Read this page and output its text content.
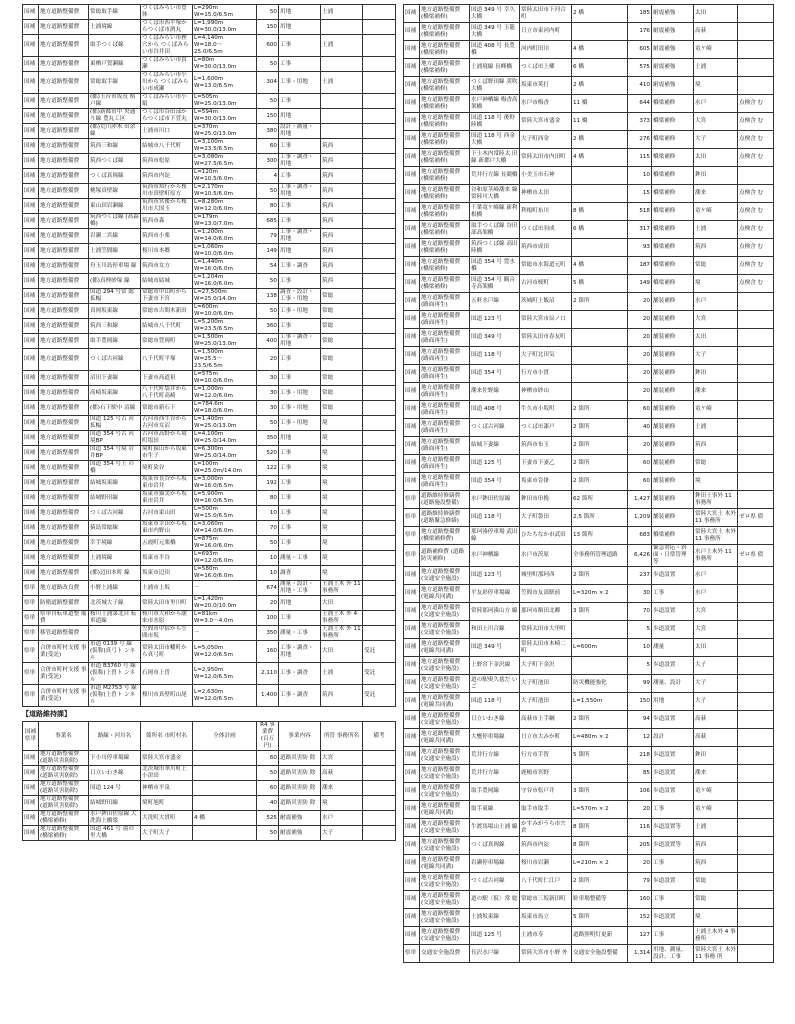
国補	地方道路整備費	常総取手線	つくばみらい市豊体	L=290m
W=15.0/6.5m	50	用地	土浦	
国補	地方道路整備費	土浦境線	つくば市西平塚か らつくば市酒丸	L=1,990m
W=30.0/13.0m	150	用地		
国補	地方道路整備費	取手つくば線	つくばみらい市狸 穴から つくばみら い市谷井田	L=4,140m
W=18.0～
25.0/6.5m	600	工事	土浦	
国補	地方道路整備費	東栖戸賀瀬線	つくばみらい市貴 瀬	L=80m
W=30.0/13.0m	50	工事		
国補	地方道路整備費	常総取手線	つくばみらい市小 川から つくばみら い市成瀬	L=1,600m
W=13.0/6.5m	304	工事・用地	土浦	
国補	地方道路整備費	(都)玉台市坂長 格戸線	つくばみらい市小 絹	L=505m
W=25.0/13.0m	50	工事		
国補	地方道路整備費	(都)新都市中 央通り線 豊丸工区	つくば市谷田部か らつくば市下菅丸	L=594m
W=30.0/13.0m	150	用地		
国補	地方道路整備費	(都)荒川沖木 田余線	土浦市川口	L=370m
W=25.0/13.0m	380	設計・測量・ 用地		
国補	地方道路整備費	筑西三和線	結城市八千代町	L=3,100m
W=23.5/6.5m	60	工事	筑西	
国補	地方道路整備費	筑西つくば線	筑西市松原	L=3,080m
W=27.5/6.5m	300	工事・調査・ 用地	筑西	
国補	地方道路整備費	つくば真岡線	筑西市内淀	L=120m
W=10.5/6.0m	4	工事	筑西	
国補	地方道路整備費	桃塚真壁線	筑西市知行から桜 川市真壁町原方	L=2,170m
W=10.5/6.0m	50	工事・調査・ 用地	筑西	
国補	地方道路整備費	東山田岩瀬線	筑西市宮後から桜 川市大国玉	L=8,280m
W=12.0/6.0m	80	工事	筑西	
国補	地方道路整備費	筑西つくば線 (高森橋)	筑西市森	L=179m
W=13.0/7.0m	685	工事	筑西	
国補	地方道路整備費	岩瀬二宮線	筑西市小栗	L=1,200m
W=14.0/6.0m	79	工事・調査・ 用地	筑西	
国補	地方道路整備費	土浦笠間線	桜川市本郷	L=1,060m
W=10.0/6.0m	149	用地	筑西	
国補	地方道路整備費	舟玉川島停車場 線	筑西市女方	L=1,440m
W=16.0/6.0m	54	工事・調査	筑西	
国補	地方道路整備費	(都)真理砂塚 線	結城市結城	L=1,204m
W=16.0/6.0m	50	工事	筑西	
国補	地方道路整備費	国道 294 号常 総拡幅	常総市中山町から 下妻市下宮	L=27,500m
W=25.0/14.0m	138	調査・設計・ 工事・用地	常総	
国補	地方道路整備費	真岡坂東線	常総市古間木新田	L=600m
W=10.0/6.0m	50	工事・用地	常総	
国補	地方道路整備費	筑西三和線	結城市八千代町	L=5,200m
W=23.5/6.5m	360	工事	常総	
国補	地方道路整備費	取手豊岡線	常総市豊岡町	L=1,500m
W=25.0/13.0m	400	工事・調査・ 用地	常総	
国補	地方道路整備費	つくば古河線	八千代町平塚	L=1,500m
W=25.5～
23.5/6.5m	20	工事	常総	
国補	地方道路整備費	沼田下妻線	下妻市高道祖	L=575m
W=10.0/6.0m	30	工事	常総	
国補	地方道路整備費	高崎坂東線	八千代町袋井から 八千代町高崎	L=1,000m
W=12.0/6.0m	30	工事・用地	常総	
国補	地方道路整備費	(都)石下駅中 沼線	常総市新石下	L=784.6m
W=18.0/6.0m	30	工事・用地	常総	
国補	地方道路整備費	国道 125 号古 河拡幅	古河市西牛谷から 古河市女沼	L=1,400m
W=25.0/13.0m	50	工事・用地	境	
国補	地方道路整備費	国道 354 号古 河境BP	古河市高野から境 町塩田	L=4,100m
W=25.0/14.0m	350	用地	境	
国補	地方道路整備費	国道 354 号境 岩井BP	境町猿山から坂東 市生子	L=6,300m
W=25.0/14.0m	520	工事	境	
国補	地方道路整備費	国道 354 号上 の橋	境町染谷	L=100m
W=25.0m/14.0m	122	工事	境	
国補	地方道路整備費	結城坂東線	坂東市長谷から坂 東市岩井	L=3,000m
W=16.0/6.5m	192	工事	境	
国補	地方道路整備費	結城野田線	坂東市猫実から坂 東市岩井	L=5,900m
W=16.0/6.5m	80	工事	境	
国補	地方道路整備費	つくば古河線	古河市東山田	L=500m
W=15.0/6.5m	10	工事	境	
国補	地方道路整備費	猿島常総線	坂東市幸田から坂 東市内野山	L=3,060m
W=14.0/6.0m	70	工事	境	
国補	地方道路整備費	幸手境線	五霞町元栗橋	L=875m
W=16.0/6.0m	50	工事	境	
国補	地方道路整備費	土浦境線	坂東市半谷	L=693m
W=12.0/6.0m	10	測量・工事	境	
国補	地方道路整備費	(都)辺田本町 線	坂東市辺田	L=580m
W=16.0/6.0m	10	調査	境	
県単	地方道路改良費	小野上浦線	土浦市上坂	－	674	測量・設計・ 用地・工事	土浦土木 外 11 事務所	
県単	防衛道路整備費	北茨城大子線	常陸太田市里川町	L=1,420m
W=20.0/10.0m	20	用地	大田	
県単	県単自転車道整 備費	桜川土浦第北自 転車道線	桜川市大和から潮 来市水原	L=81km
W=3.0～4.0m	100	工事	土浦土木 外 4 事務所	
県単	移管道路整備費		笠間市中宿から笠 間市坂	－	350	測量・工事	土浦土木 外 11 事務所	
県単	合併市町村支援 事業(受託)	市道 0139 号 線 (仮称)真弓ト ンネル	常陸太田市幡町か ら真弓町	L=5,050m
W=12.0/6.5m	160	工事・調査・ 用地	大田	受託
県単	合併市町村支援 事業(受託)	市道 B3760 号 線 (仮称)上曽ト ンネル	石岡市上曽	L=2,950m
W=12.0/6.5m	2,110	工事・調査	土浦	受託
県単	合併市町村支援 事業(受託)	市道 M2753 号 線 (仮称)上曽ト ンネル	桜川市真壁町山尾	L=2,630m
W=12.0/6.5m	1,400	工事・調査	筑西	受託
【道路維持課】
国補 県単	事業名	路線・河川名	箇所名 市町村名	全体計画	R4 事業費 (百万円)	事業内容	所管 事務所名	備考
国補	地方道路整備費 (道路災害防除)	下小川停車場線	常陸大宮市盛金		60	道路災害防 除	大宮	
国補	地方道路整備費 (道路災害防除)	日立いわき線	北茨城市華川町上 小津田		50	道路災害防 除	高萩	
国補	地方道路整備費 (道路災害防除)	国道 124 号	神栖市平泉		60	道路災害防 除	潮来	
国補	地方道路整備費 (道路災害防除)	結城野田線	境町旭町		40	道路災害防 除	境	
国補	地方道路整備費 (橋梁補修)	水戸鉾田佐原線 大洗海上橋梁	大洗町大貫町	4 橋	525	耐震補強	水戸	
国補	地方道路整備費 (橋梁補修)	国道 461 号 湯の里大橋	大子町大子		50	耐震補強	大子	
国補	地方道路整備費 (橋梁補修)	国道 349 号 幸久大橋	常陸太田市下河合 町	2 橋	185	耐震補強	太田	
国補	地方道路整備費 (橋梁補修)	国道 349 号 玉籠大橋	日立市東河内町		176	耐震補強	高萩	
国補	地方道路整備費 (橋梁補修)	国道 408 号 長豊橋	河内町田川	4 橋	605	耐震補強	竜ケ崎	
国補	地方道路整備費 (橋梁補修)	土浦境線 長峰橋	つくば市上郷	6 橋	575	耐震補強	土浦	
国補	地方道路整備費 (橋梁補修)	つくば野田線 莢吹大橋	坂東市莢打	2 橋	410	耐震補強	境	
国補	地方道路整備費 (橋梁補修)	水戸神栖線 梅香高架橋	水戸市梅香	11 橋	644	橋梁補修	水戸	点検含 む
国補	地方道路整備費 (橋梁補修)	国道 118 号 後野陸橋	常陸大宮市盛金	11 橋	373	橋梁補修	大宮	点検含 む
国補	地方道路整備費 (橋梁補修)	国道 118 号 西金大橋	大子町西金	2 橋	276	橋梁補修	大子	点検含 む
国補	地方道路整備費 (橋梁補修)	下土木内常陸太 田線 新郡戸大橋	常陸太田市内田町	4 橋	115	橋梁補修	太田	点検含 む
国補	地方道路整備費 (橋梁補修)	荒井行方線 長競橋	小美玉市石神		10	橋梁補修	鉾田	
国補	地方道路整備費 (橋梁補修)	谷和原茎崎潮来 線 常陸川大橋	神栖市太田		15	橋梁補修	潮来	点検含 む
国補	地方道路整備費 (橋梁補修)	千葉竜ケ崎線 新利根橋	利根町布川	8 橋	518	橋梁補修	竜ケ崎	点検含 む
国補	地方道路整備費 (橋梁補修)	取手つくば線 谷田部高架橋	つくば市羽成	6 橋	317	橋梁補修	土浦	点検含 む
国補	地方道路整備費 (橋梁補修)	筑西つくば線 高田陸橋	筑西市成田		93	橋梁補修	筑西	点検含 む
国補	地方道路整備費 (橋梁補修)	国道 354 号 豊水橋	常総市水海道元町	4 橋	187	橋梁補修	常総	点検含 む
国補	地方道路整備費 (橋梁補修)	国道 354 号 観音寺高架橋	古河市桜町	5 橋	149	橋梁補修	境	点検含 む
国補	地方道路整備費 (路面再生)	五軒水戸線	茨城町上飯沼	2 箇所	20	舗装補修	水戸	
国補	地方道路整備費 (路面再生)	国道 123 号	常陸大宮市辰ノ口		20	舗装補修	大宮	
国補	地方道路整備費 (路面再生)	国道 349 号	常陸太田市春友町		20	舗装補修	太田	
国補	地方道路整備費 (路面再生)	国道 118 号	大子町北田気		20	舗装補修	大子	
国補	地方道路整備費 (路面再生)	国道 354 号	行方市小貫		20	舗装補修	鉾田	
国補	地方道路整備費 (路面再生)	潮来佐野線	神栖市砂山		20	舗装補修	潮来	
国補	地方道路整備費 (路面再生)	国道 408 号	牛久市小坂町	2 箇所	60	舗装補修	竜ケ崎	
国補	地方道路整備費 (路面再生)	つくば古河線	つくば市漆戸	2 箇所	40	舗装補修	土浦	
国補	地方道路整備費 (路面再生)	結城下妻線	筑西市布玉	2 箇所	20	舗装補修	筑西	
国補	地方道路整備費 (路面再生)	国道 125 号	下妻市下妻乙	2 箇所	60	舗装補修	常総	
国補	地方道路整備費 (路面再生)	国道 354 号	坂東市沓掛	2 箇所	60	舗装補修	境	
県単	道路維持修繕費 (道路施設整備)	水戸鉾田佐原線	鉾田市串挽	62 箇所	1,427	舗装補修	鉾田土事外 11 事務所	
県単	道路維持修繕費 (道路緊急修繕)	国道 118 号	大子町袋田	2,5 箇所	1,209	舗装補修	常陸大宮土 木外 11 事務所	ゼロ県 債
県単	地方道路整備費 (橋梁補修費)	那珂湊停車場 武田線	ひたちなか市武田	13 箇所	683	橋梁補修	常陸大宮土 木外 11 事務所	
県単	道路補修費 (道路防災補修)	水戸神栖線	水戸市茨原	全事務所管理道路	6,426	緊急対応・斜 面・日常管理 等	水戸土木外 11 事務所	ゼロ県 債
国補	地方道路整備費 (交通安全施設)	国道 123 号	城里町那珂西	2 箇所	237	歩道設置	水戸	
国補	地方道路整備費 (電線共同溝)	平友彩停車場線	笠間市友部駅前	L=320m × 2	30	工事	水戸	
国補	地方道路整備費 (交通安全施設)	常陸那珂湊山方 線	那珂市額田北郷	3 箇所	70	歩道設置	大宮	
国補	地方道路整備費 (交通安全施設)	和田上川合線	常陸太田市大里町		5	歩道設置	大宮	
国補	地方道路整備費 (電線共同溝)	国道 349 号	常陸太田市木崎二 町	L=600m	10	測量	太田	
国補	地方道路整備費 (交通安全施設)	上野宮下金沢線	大子町下金沢		5	歩道設置	大子	
国補	地方道路整備費 (交通安全施設)	道の駅奥久慈だ いご	大子町池田	防災機能強化	99	測量、設計	大子	
国補	地方道路整備費 (電線共同溝)	国道 118 号	大子町池田	L=1,550m	150	用地	大子	
国補	地方道路整備費 (交通安全施設)	日立いわき線	高萩市上手綱	2 箇所	94	歩道設置	高萩	
国補	地方道路整備費 (電線共同溝)	大甕停車場線	日立市大みか町	L=480m × 2	12	設計	高萩	
国補	地方道路整備費 (交通安全施設)	荒井行方線	行方市手賀	5 箇所	218	歩道設置	鉾田	
国補	地方道路整備費 (交通安全施設)	荒井行方線	鹿嶋市宮野		85	歩道設置	潮来	
国補	地方道路整備費 (交通安全施設)	取手豊岡線	守谷市松戸井	3 箇所	106	歩道設置	竜ケ崎	
国補	地方道路整備費 (電線共同溝)	取手東線	取手市取手	L=570m × 2	20	工事	竜ケ崎	
国補	地方道路整備費 (交通安全施設)	牛渡馬場山土浦 線	かすみがうら市宍 倉	8 箇所	116	歩道設置等	土浦	
国補	地方道路整備費 (交通安全施設)	つくば真岡線	筑西市内淀	8 箇所	205	歩道設置等	筑西	
国補	地方道路整備費 (電線共同溝)	岩瀬停車場線	桜川市岩瀬	L=210m × 2	20	工事	筑西	
国補	地方道路整備費 (交通安全施設)	つくば古河線	八千代町仁江戸	2 箇所	79	歩道設置	常総	
国補	地方道路整備費 (交通安全施設)	道の駅〈仮〉常 総	常総市三坂新田町	駐車場整備等	160	工事	常総	
国補	地方道路整備費 (交通安全施設)	土浦坂東線	坂東市馬立	5 箇所	152	歩道設置	境	
国補	地方道路整備費 (交通安全施設)	国道 125 号	土浦市寿	道路照明灯更新	127	工事	土浦土木外 4 事務所	
県単	交通安全施設費	長沢水戸線	常陸大宮市小野 外	交通安全施設整備	1,314	用地、測量、 設計、工事	常陸大宮土 木外 11 事務 所	
